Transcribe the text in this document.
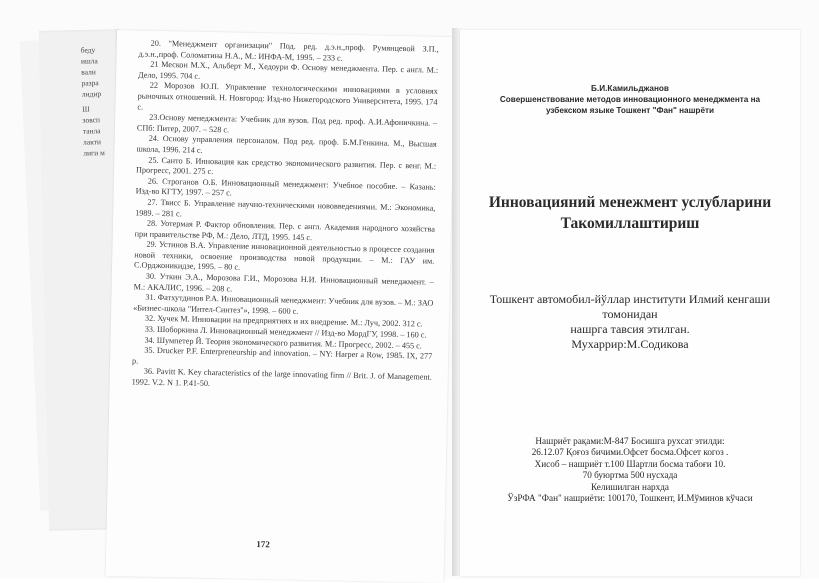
беду
ишла
вали
разра
лидир
Ш
зовсп
танла
лакти
лиги м

20. "Менеджмент организации" Под. ред. д.э.н.,проф. Румянцевой З.П., д.э.н.,проф. Соломатина Н.А., М.: ИНФА-М, 1995. – 233 с.

21 Мескон М.Х., Альберт М., Хедоури Ф. Основу менеджмента. Пер. с англ. М.: Дело, 1995. 704 с.

22 Морозов Ю.П. Управление технологическими инновациями в условиях рыночных отношений. Н. Новгород: Изд-во Нижегородского Университета, 1995. 174 с.

23.Основу менеджмента: Учебник для вузов. Под ред. проф. А.И.Афоничкина. – СПб: Питер, 2007. – 528 с.

24. Основу управления персоналом. Под ред. проф. Б.М.Генкина. М., Высшая школа, 1996. 214 с.

25. Санто Б. Инновация как средство экономического развития. Пер. с венг. М.: Прогресс, 2001. 275 с.

26. Строганов О.Б. Инновационный менеджмент: Учебное пособие. – Казань: Изд-во КГТУ, 1997. – 257 с.

27. Твисс Б. Управление научно-техническими нововведениями. М.: Экономика, 1989. – 281 с.

28. Уотермая Р. Фактор обновления. Пер. с англ. Академия народного хозяйства при правительстве РФ, М.: Дело, ЛТД, 1995. 145 с.

29. Устинов В.А. Управление инновационной деятельностью в процессе создания новой техники, освоение производства новой продукции. – М.: ГАУ им. С.Орджоникидзе, 1995. – 80 с.

30. Уткин Э.А., Морозова Г.И., Морозова Н.И. Инновационный менеджмент. – М.: АКАЛИС, 1996. – 208 с.

31. Фатхутдинов Р.А. Инновационный менеджмент: Учебник для вузов. – М.: ЗАО «Бизнес-школа "Интел-Синтез"», 1998. – 600 с.

32. Хучек М. Инновации на предприятиях и их внедрение. М.: Луч, 2002. 312 с.

33. Шоборкина Л. Инновационный менеджмент // Изд-во МордГУ, 1998. – 160 с.

34. Шумпетер Й. Теория экономического развития. М.: Прогресс, 2002. – 455 с.

35. Drucker P.F. Enterpreneurship and innovation. – NY: Harper a Row, 1985. IX, 277 p.

36. Pavitt K. Key characteristics of the large innovating firm // Brit. J. of Management. 1992. V.2. N 1. P.41-50.

172
Б.И.Камильджанов
Совершенствование методов инновационного менеджмента на
узбекском языке Тошкент "Фан" нашрёти
Инновацияний менежмент услубларини
Такомиллаштириш
Тошкент автомобил-йўллар институти Илмий кенгаши
томонидан
нашрга тавсия этилган.
Мухаррир:М.Содикова
Нашриёт рақами:М-847 Босишга рухсат этилди:
26.12.07 Қоғоз бичими.Офсет босма.Офсет когоз .
Хисоб – нашриёт т.100 Шартли босма табоғи 10.
70 буюртма 500 нусхада
Келишилган нархда
ЎзРФА "Фан" нашриёти: 100170, Тошкент, И.Мўминов кўчаси
